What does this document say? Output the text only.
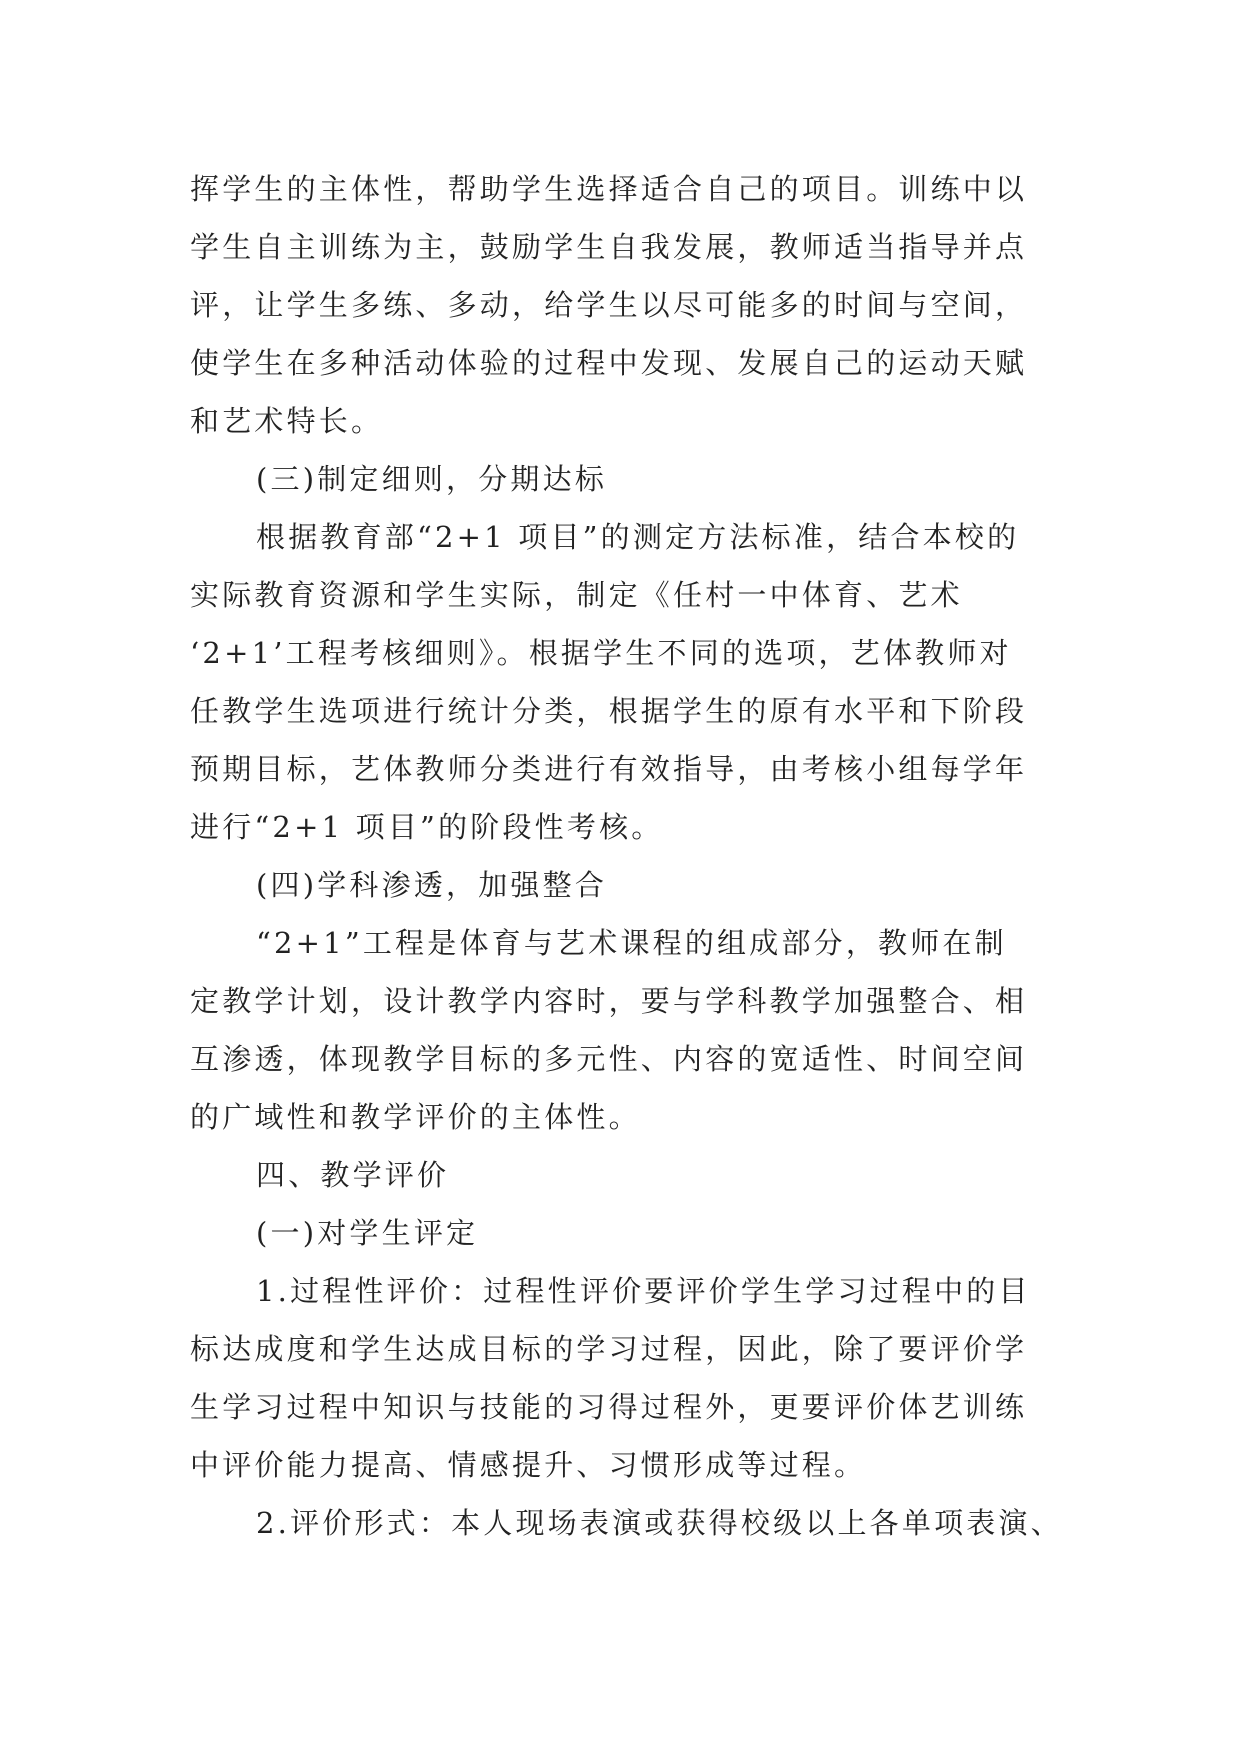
挥学生的主体性，帮助学生选择适合自己的项目。训练中以
学生自主训练为主，鼓励学生自我发展，教师适当指导并点
评，让学生多练、多动，给学生以尽可能多的时间与空间，
使学生在多种活动体验的过程中发现、发展自己的运动天赋
和艺术特长。
(三)制定细则，分期达标
根据教育部“2+1 项目”的测定方法标准，结合本校的
实际教育资源和学生实际，制定《任村一中体育、艺术
‘2+1’工程考核细则》。根据学生不同的选项，艺体教师对
任教学生选项进行统计分类，根据学生的原有水平和下阶段
预期目标，艺体教师分类进行有效指导，由考核小组每学年
进行“2+1 项目”的阶段性考核。
(四)学科渗透，加强整合
“2+1”工程是体育与艺术课程的组成部分，教师在制
定教学计划，设计教学内容时，要与学科教学加强整合、相
互渗透，体现教学目标的多元性、内容的宽适性、时间空间
的广域性和教学评价的主体性。
四、教学评价
(一)对学生评定
1.过程性评价：过程性评价要评价学生学习过程中的目
标达成度和学生达成目标的学习过程，因此，除了要评价学
生学习过程中知识与技能的习得过程外，更要评价体艺训练
中评价能力提高、情感提升、习惯形成等过程。
2.评价形式：本人现场表演或获得校级以上各单项表演、
